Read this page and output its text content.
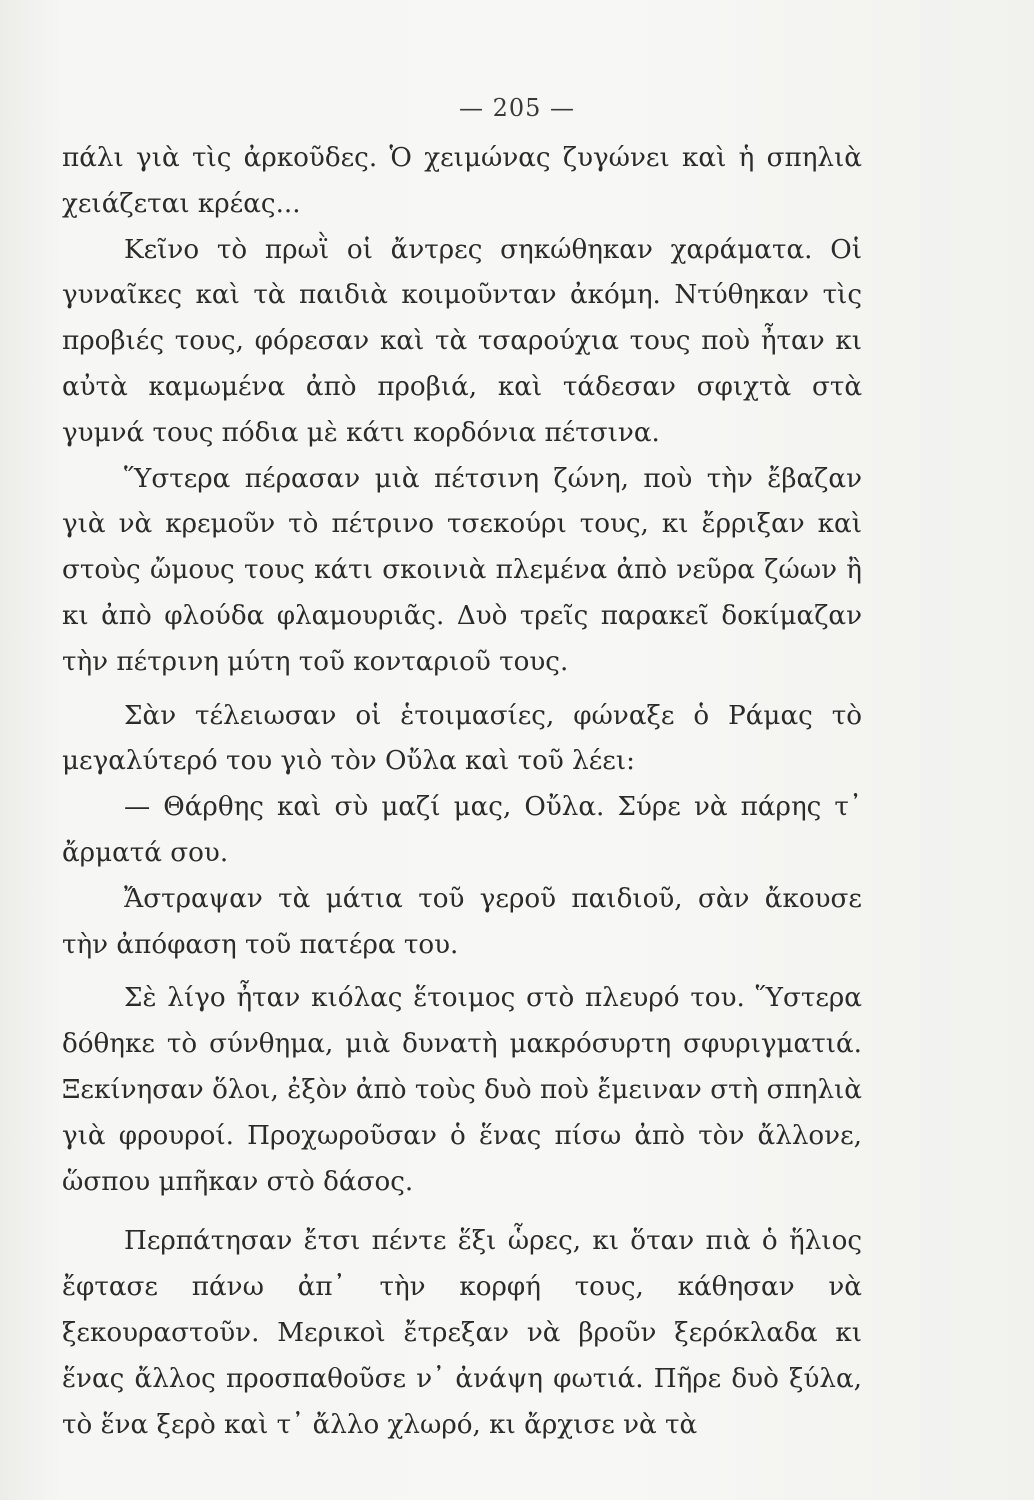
— 205 —

πάλι γιὰ τὶς ἀρκοῦδες. Ὁ χειμώνας ζυγώνει καὶ ἡ σπηλιὰ χειάζεται κρέας...

Κεῖνο τὸ πρωῒ οἱ ἄντρες σηκώθηκαν χαράματα. Οἱ γυναῖκες καὶ τὰ παιδιὰ κοιμοῦνταν ἀκόμη. Ντύθηκαν τὶς προβιές τους, φόρεσαν καὶ τὰ τσαρούχια τους ποὺ ἦταν κι αὐτὰ καμωμένα ἀπὸ προβιά, καὶ τάδεσαν σφιχτὰ στὰ γυμνά τους πόδια μὲ κάτι κορδόνια πέτσινα.

Ὕστερα πέρασαν μιὰ πέτσινη ζώνη, ποὺ τὴν ἔβαζαν γιὰ νὰ κρεμοῦν τὸ πέτρινο τσεκούρι τους, κι ἔρριξαν καὶ στοὺς ὤμους τους κάτι σκοινιὰ πλεμένα ἀπὸ νεῦρα ζώων ἢ κι ἀπὸ φλούδα φλαμουριᾶς. Δυὸ τρεῖς παρακεῖ δοκίμαζαν τὴν πέτρινη μύτη τοῦ κονταριοῦ τους.

Σὰν τέλειωσαν οἱ ἑτοιμασίες, φώναξε ὁ Ράμας τὸ μεγαλύτερό του γιὸ τὸν Οὔλα καὶ τοῦ λέει:

— Θάρθης καὶ σὺ μαζί μας, Οὔλα. Σύρε νὰ πάρης τ᾽ ἄρματά σου.

Ἄστραψαν τὰ μάτια τοῦ γεροῦ παιδιοῦ, σὰν ἄκουσε τὴν ἀπόφαση τοῦ πατέρα του.

Σὲ λίγο ἦταν κιόλας ἕτοιμος στὸ πλευρό του. Ὕστερα δόθηκε τὸ σύνθημα, μιὰ δυνατὴ μακρόσυρτη σφυριγματιά. Ξεκίνησαν ὅλοι, ἐξὸν ἀπὸ τοὺς δυὸ ποὺ ἔμειναν στὴ σπηλιὰ γιὰ φρουροί. Προχωροῦσαν ὁ ἕνας πίσω ἀπὸ τὸν ἄλλονε, ὥσπου μπῆκαν στὸ δάσος.

Περπάτησαν ἔτσι πέντε ἕξι ὧρες, κι ὅταν πιὰ ὁ ἥλιος ἔφτασε πάνω ἀπ᾽ τὴν κορφή τους, κάθησαν νὰ ξεκουραστοῦν. Μερικοὶ ἔτρεξαν νὰ βροῦν ξερόκλαδα κι ἕνας ἄλλος προσπαθοῦσε ν᾽ ἀνάψη φωτιά. Πῆρε δυὸ ξύλα, τὸ ἕνα ξερὸ καὶ τ᾽ ἄλλο χλωρό, κι ἄρχισε νὰ τὰ
